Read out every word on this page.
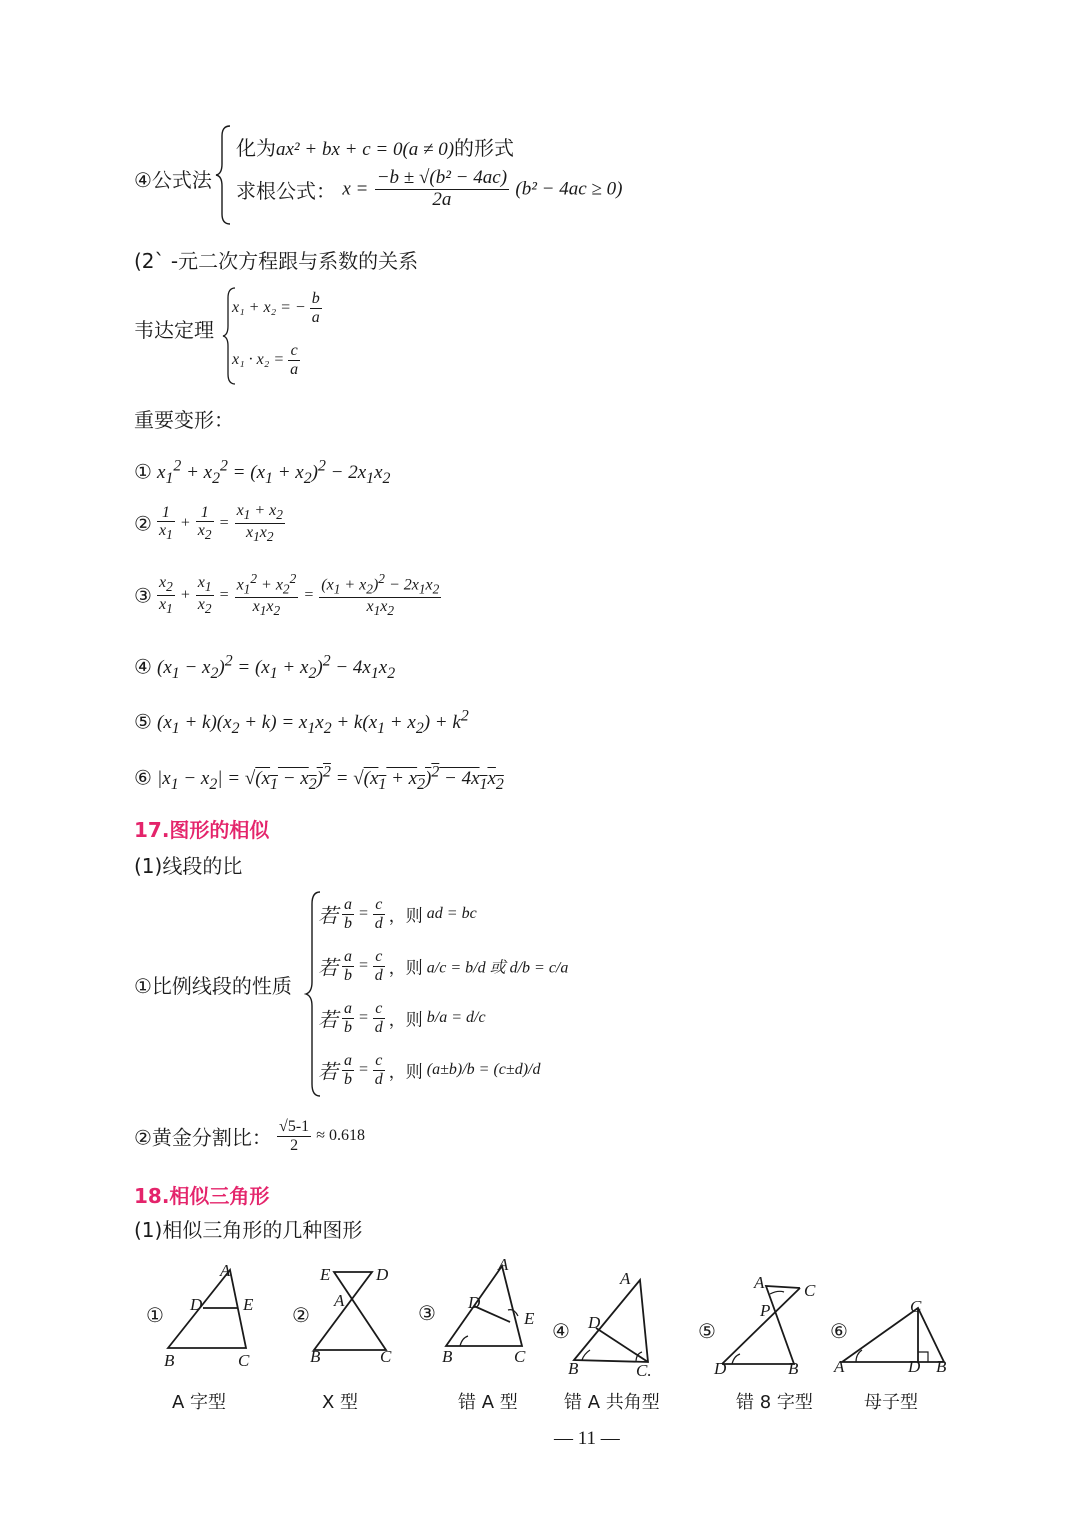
④公式法
化为ax² + bx + c = 0(a ≠ 0)的形式
求根公式： $x = \frac{\text{−b ± √(b² − 4ac)}}{2a} (b^2 - 4ac \ge 0)$
(2` -元二次方程跟与系数的关系
韦达定理
x₁ + x₂ = − $\frac{b}{a}$
$x_1 \cdot x_2 = \frac{c}{a}$
重要变形：
① $x_1^2 + x_2^2 = (x_1 + x_2)^2 - 2x_1x_2$
② $\frac{1}{x_1} + \frac{1}{x_2} = \frac{x_1 + x_2}{x_1x_2}$
③ $\frac{x_2}{x_1} + \frac{x_1}{x_2} = \frac{x_1^2 + x_2^2}{x_1x_2} = \frac{(x_1 + x_2)^2 - 2x_1x_2}{x_1x_2}$
④ $(x_1 - x_2)^2 = (x_1 + x_2)^2 - 4x_1x_2$
⑤ $(x_1 + k)(x_2 + k) = x_1x_2 + k(x_1 + x_2) + k^2$
⑥ $|x_1 - x_2| = √(x_1 - x_2)^2 = √(x_1 + x_2)^2 - 4x_1x_2$
17.图形的相似
(1)线段的比
①比例线段的性质
若 $\frac{a}{b} = \frac{c}{d}$ ，则 ad = bc
若 $\frac{a}{b} = \frac{c}{d}$ ，则 a/c = b/d 或 d/b = c/a
若 $\frac{a}{b} = \frac{c}{d}$ ，则 b/a = d/c
若 $\frac{a}{b} = \frac{c}{d}$ ，则 (a±b)/b = (c±d)/d
②黄金分割比： $\frac{√5-1}{2} \approx 0.618$
18.相似三角形
(1)相似三角形的几种图形
①	②	③
④	⑤	⑥
A
D E
B	C
E	D
A
B	C
A
D
E
B	C
A
D
B	C.
A C
P
D	B
C
A	D B
A 字型	X 型	错 A 型	错 A 共角型	错 8 字型	母子型
— 11 —
